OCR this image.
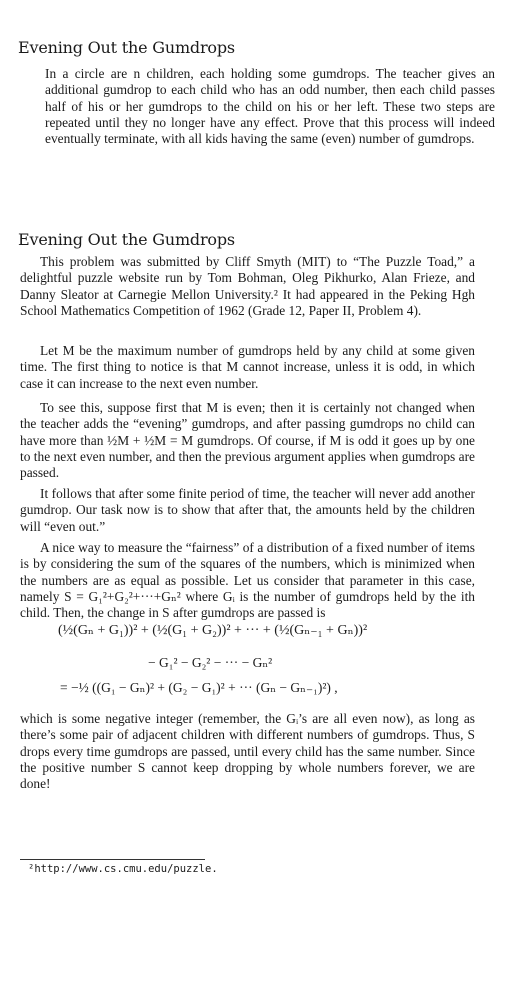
Evening Out the Gumdrops

In a circle are n children, each holding some gumdrops. The teacher gives an additional gumdrop to each child who has an odd number, then each child passes half of his or her gumdrops to the child on his or her left. These two steps are repeated until they no longer have any effect. Prove that this process will indeed eventually terminate, with all kids having the same (even) number of gumdrops.

Evening Out the Gumdrops

This problem was submitted by Cliff Smyth (MIT) to “The Puzzle Toad,” a delightful puzzle website run by Tom Bohman, Oleg Pikhurko, Alan Frieze, and Danny Sleator at Carnegie Mellon University.² It had appeared in the Peking Hgh School Mathematics Competition of 1962 (Grade 12, Paper II, Problem 4).

Let M be the maximum number of gumdrops held by any child at some given time. The first thing to notice is that M cannot increase, unless it is odd, in which case it can increase to the next even number.

To see this, suppose first that M is even; then it is certainly not changed when the teacher adds the “evening” gumdrops, and after passing gumdrops no child can have more than ½M + ½M = M gumdrops. Of course, if M is odd it goes up by one to the next even number, and then the previous argument applies when gumdrops are passed.

It follows that after some finite period of time, the teacher will never add another gumdrop. Our task now is to show that after that, the amounts held by the children will “even out.”

A nice way to measure the “fairness” of a distribution of a fixed number of items is by considering the sum of the squares of the numbers, which is minimized when the numbers are as equal as possible. Let us consider that parameter in this case, namely S = G₁²+G₂²+···+Gₙ² where Gᵢ is the number of gumdrops held by the ith child. Then, the change in S after gumdrops are passed is

(½(Gₙ + G₁))² + (½(G₁ + G₂))² + ··· + (½(Gₙ₋₁ + Gₙ))²
− G₁² − G₂² − ··· − Gₙ²
= −½ ((G₁ − Gₙ)² + (G₂ − G₁)² + ··· (Gₙ − Gₙ₋₁)²) ,

which is some negative integer (remember, the Gᵢ’s are all even now), as long as there’s some pair of adjacent children with different numbers of gumdrops. Thus, S drops every time gumdrops are passed, until every child has the same number. Since the positive number S cannot keep dropping by whole numbers forever, we are done!

²http://www.cs.cmu.edu/puzzle.
